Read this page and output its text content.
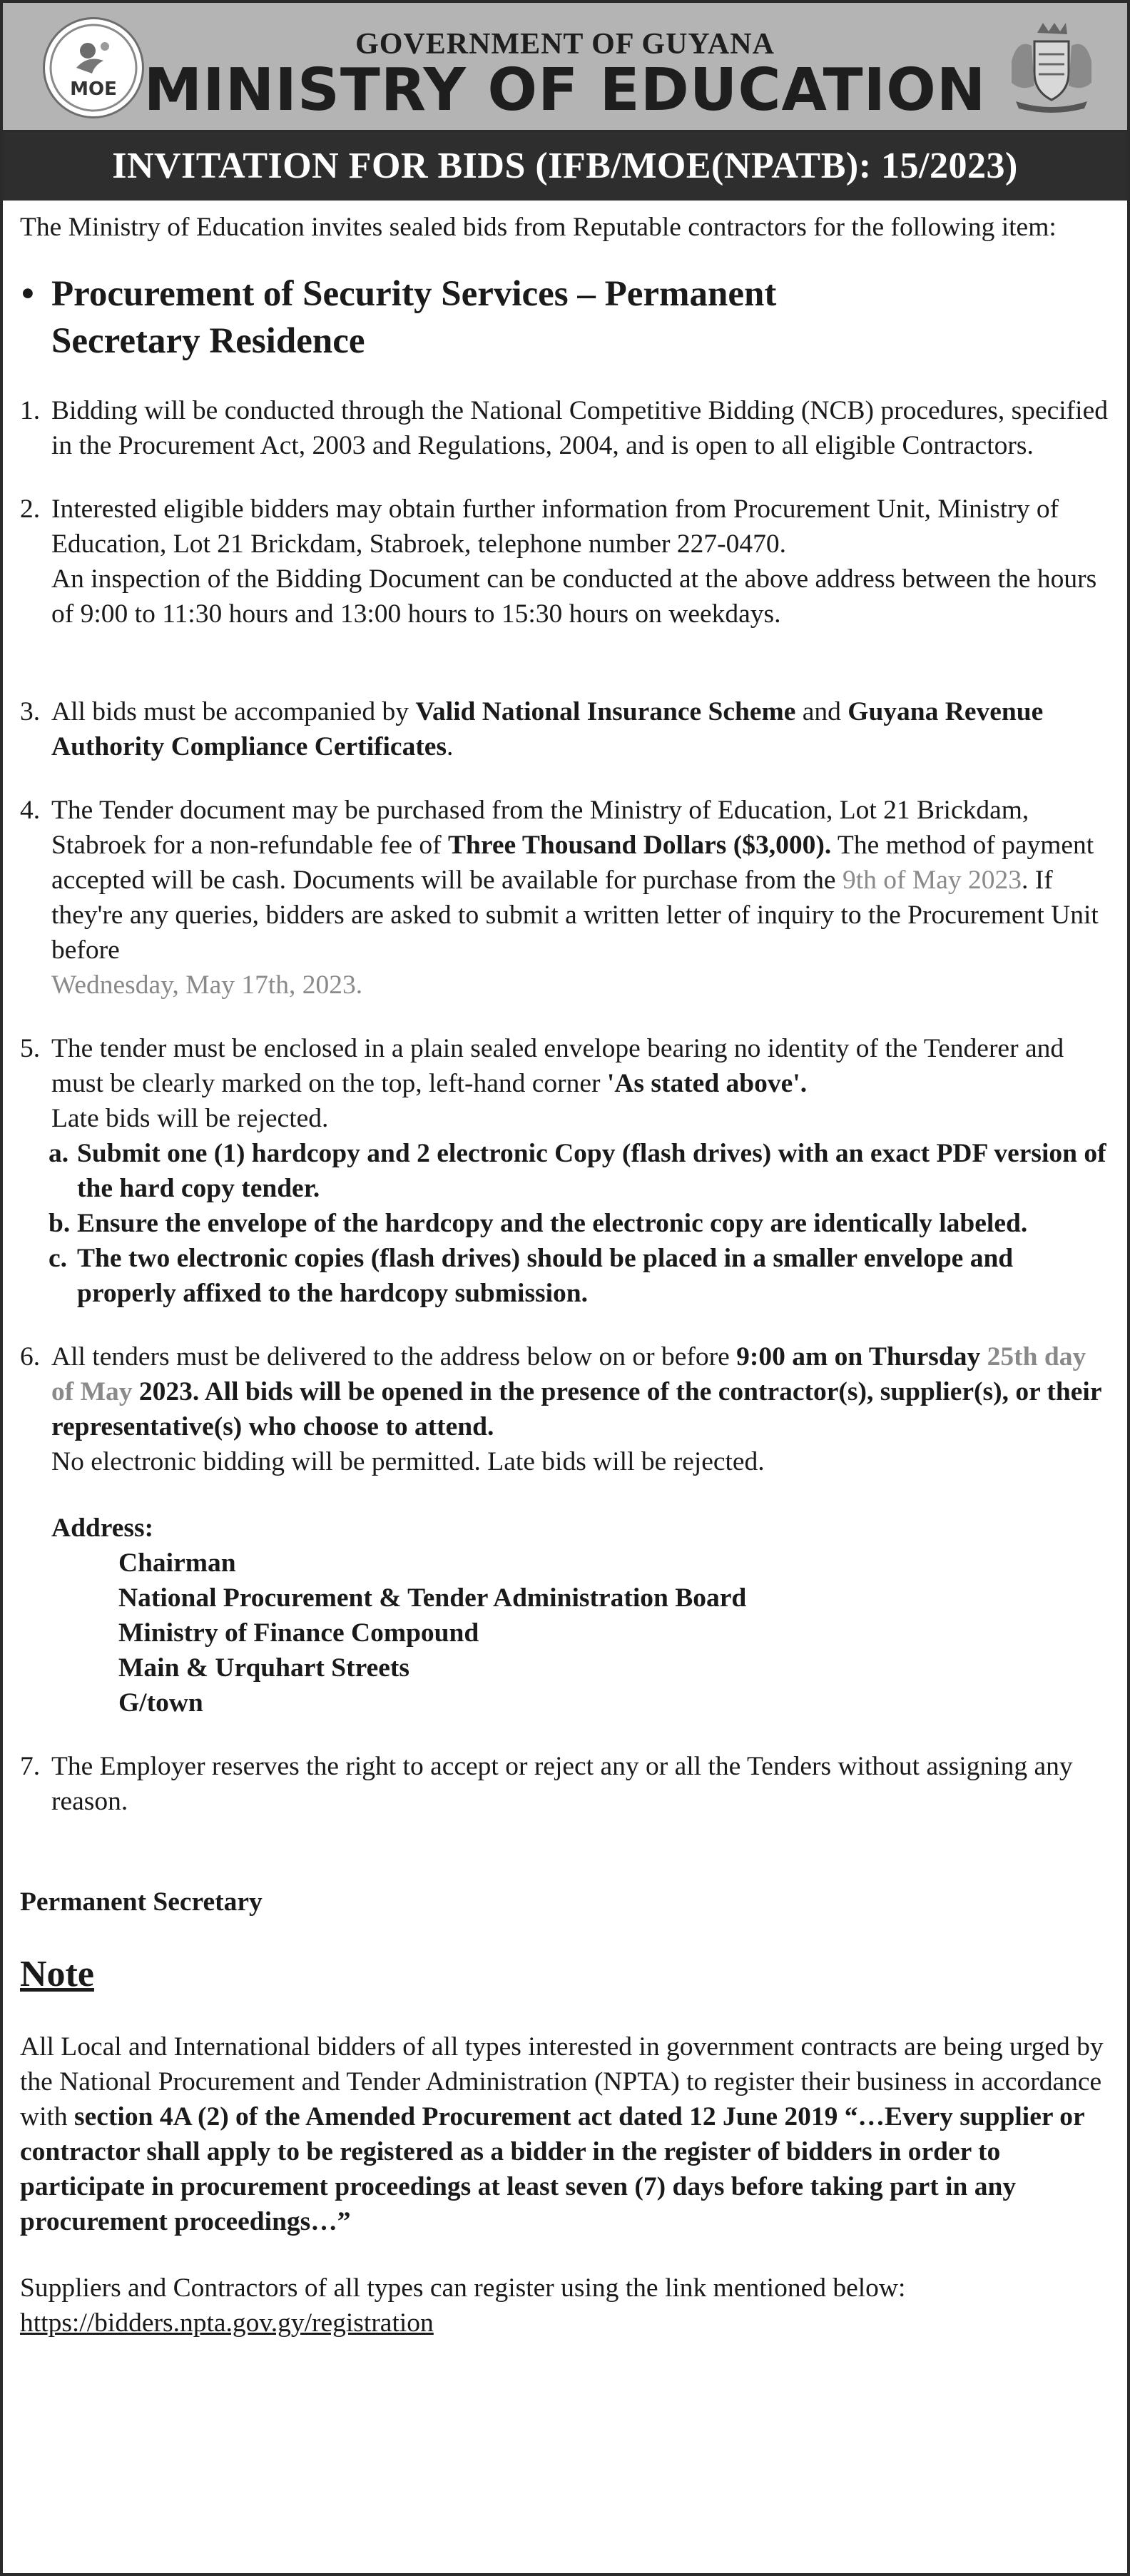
MOE
GOVERNMENT OF GUYANA
MINISTRY OF EDUCATION
INVITATION FOR BIDS (IFB/MOE(NPATB): 15/2023)

The Ministry of Education invites sealed bids from Reputable contractors for the following item:

• Procurement of Security Services – Permanent
Secretary Residence
1. Bidding will be conducted through the National Competitive Bidding (NCB) procedures, specified in the Procurement Act, 2003 and Regulations, 2004, and is open to all eligible Contractors.
2. Interested eligible bidders may obtain further information from Procurement Unit, Ministry of Education, Lot 21 Brickdam, Stabroek, telephone number 227-0470.
An inspection of the Bidding Document can be conducted at the above address between the hours of 9:00 to 11:30 hours and 13:00 hours to 15:30 hours on weekdays.
3. All bids must be accompanied by Valid National Insurance Scheme and Guyana Revenue Authority Compliance Certificates.
4. The Tender document may be purchased from the Ministry of Education, Lot 21 Brickdam, Stabroek for a non-refundable fee of Three Thousand Dollars ($3,000). The method of payment accepted will be cash. Documents will be available for purchase from the 9th of May 2023. If they're any queries, bidders are asked to submit a written letter of inquiry to the Procurement Unit before
Wednesday, May 17th, 2023.
5. The tender must be enclosed in a plain sealed envelope bearing no identity of the Tenderer and must be clearly marked on the top, left-hand corner 'As stated above'.
Late bids will be rejected.
a. Submit one (1) hardcopy and 2 electronic Copy (flash drives) with an exact PDF version of the hard copy tender.
b. Ensure the envelope of the hardcopy and the electronic copy are identically labeled.
c. The two electronic copies (flash drives) should be placed in a smaller envelope and properly affixed to the hardcopy submission.
6. All tenders must be delivered to the address below on or before 9:00 am on Thursday 25th day of May 2023. All bids will be opened in the presence of the contractor(s), supplier(s), or their representative(s) who choose to attend.
No electronic bidding will be permitted. Late bids will be rejected.
Address:
Chairman
National Procurement & Tender Administration Board
Ministry of Finance Compound
Main & Urquhart Streets
G/town
7. The Employer reserves the right to accept or reject any or all the Tenders without assigning any reason.
Permanent Secretary
Note

All Local and International bidders of all types interested in government contracts are being urged by the National Procurement and Tender Administration (NPTA) to register their business in accordance with section 4A (2) of the Amended Procurement act dated 12 June 2019 “…Every supplier or contractor shall apply to be registered as a bidder in the register of bidders in order to participate in procurement proceedings at least seven (7) days before taking part in any procurement proceedings…”

Suppliers and Contractors of all types can register using the link mentioned below:

https://bidders.npta.gov.gy/registration
